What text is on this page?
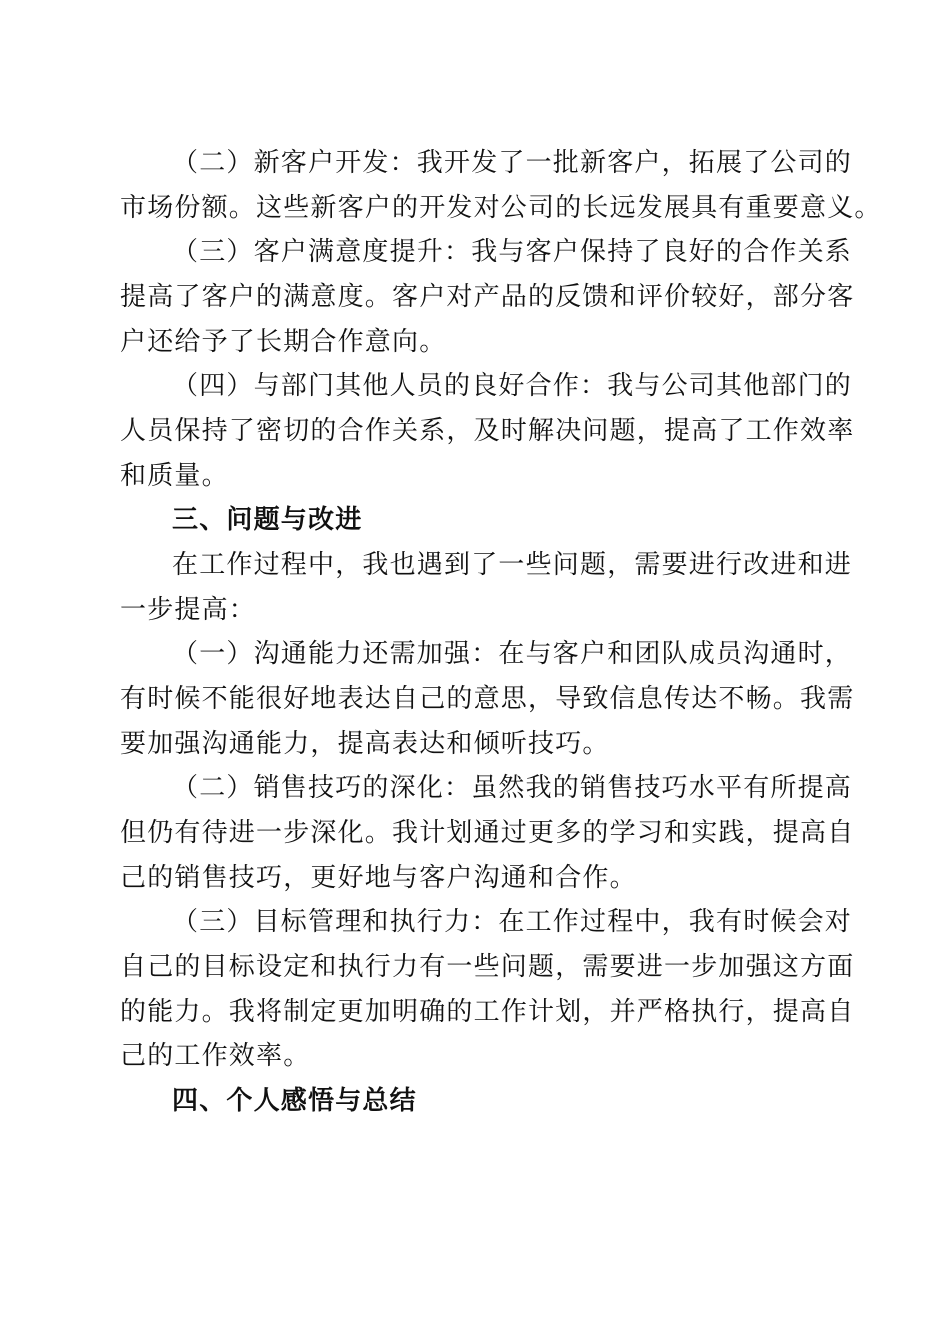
（二）新客户开发：我开发了一批新客户，拓展了公司的
市场份额。这些新客户的开发对公司的长远发展具有重要意义。
（三）客户满意度提升：我与客户保持了良好的合作关系
提高了客户的满意度。客户对产品的反馈和评价较好，部分客
户还给予了长期合作意向。
（四）与部门其他人员的良好合作：我与公司其他部门的
人员保持了密切的合作关系，及时解决问题，提高了工作效率
和质量。
三、问题与改进
在工作过程中，我也遇到了一些问题，需要进行改进和进
一步提高：
（一）沟通能力还需加强：在与客户和团队成员沟通时，
有时候不能很好地表达自己的意思，导致信息传达不畅。我需
要加强沟通能力，提高表达和倾听技巧。
（二）销售技巧的深化：虽然我的销售技巧水平有所提高
但仍有待进一步深化。我计划通过更多的学习和实践，提高自
己的销售技巧，更好地与客户沟通和合作。
（三）目标管理和执行力：在工作过程中，我有时候会对
自己的目标设定和执行力有一些问题，需要进一步加强这方面
的能力。我将制定更加明确的工作计划，并严格执行，提高自
己的工作效率。
四、个人感悟与总结
